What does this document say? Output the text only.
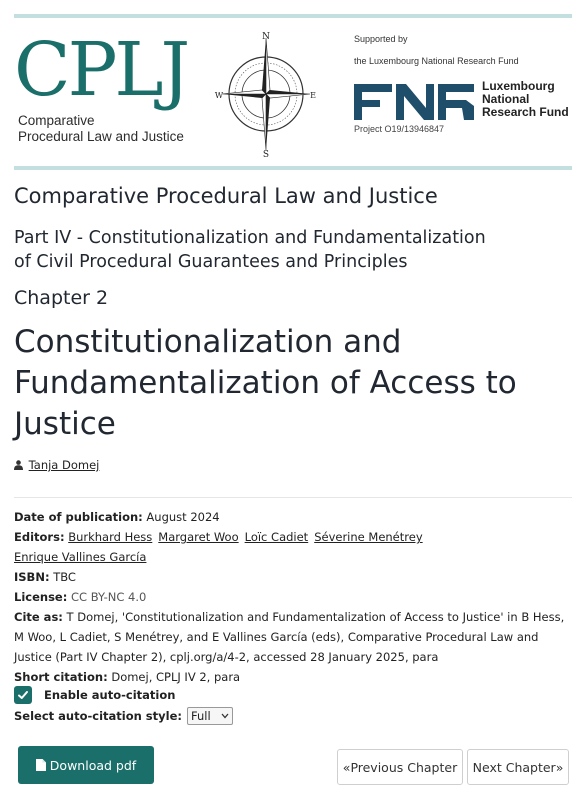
CPLJ
Comparative
Procedural Law and Justice
N
S
E
W
Supported by
the Luxembourg National Research Fund
Luxembourg
National
Research Fund
Project O19/13946847
Comparative Procedural Law and Justice
Part IV - Constitutionalization and Fundamentalization
of Civil Procedural Guarantees and Principles
Chapter 2
Constitutionalization and
Fundamentalization of Access to
Justice
Tanja Domej
Date of publication: August 2024
Editors: Burkhard Hess Margaret Woo Loïc Cadiet Séverine Menétrey
Enrique Vallines García
ISBN: TBC
License: CC BY-NC 4.0
Cite as: T Domej, 'Constitutionalization and Fundamentalization of Access to Justice' in B Hess,
M Woo, L Cadiet, S Menétrey, and E Vallines García (eds), Comparative Procedural Law and
Justice (Part IV Chapter 2), cplj.org/a/4-2, accessed 28 January 2025, para
Short citation: Domej, CPLJ IV 2, para
Enable auto-citation
Select auto-citation style: Full
Download pdf	« Previous Chapter Next Chapter »
